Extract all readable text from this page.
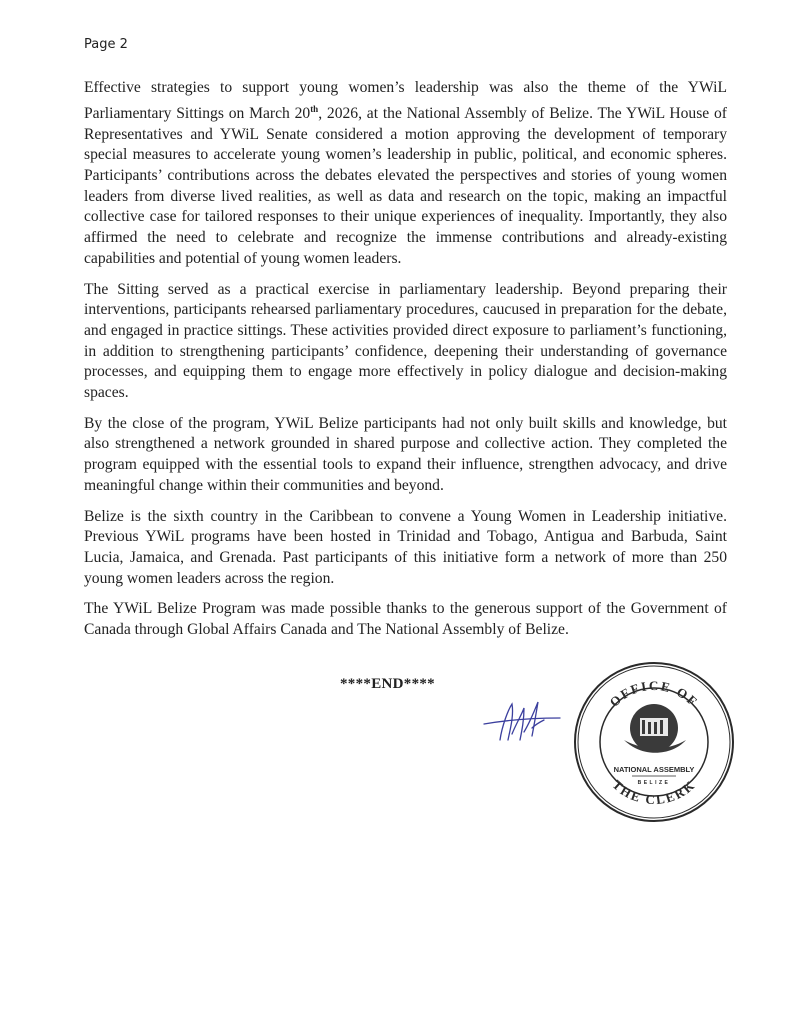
Page 2

Effective strategies to support young women’s leadership was also the theme of the YWiL Parliamentary Sittings on March 20th, 2026, at the National Assembly of Belize. The YWiL House of Representatives and YWiL Senate considered a motion approving the development of temporary special measures to accelerate young women’s leadership in public, political, and economic spheres. Participants’ contributions across the debates elevated the perspectives and stories of young women leaders from diverse lived realities, as well as data and research on the topic, making an impactful collective case for tailored responses to their unique experiences of inequality. Importantly, they also affirmed the need to celebrate and recognize the immense contributions and already-existing capabilities and potential of young women leaders.

The Sitting served as a practical exercise in parliamentary leadership. Beyond preparing their interventions, participants rehearsed parliamentary procedures, caucused in preparation for the debate, and engaged in practice sittings. These activities provided direct exposure to parliament’s functioning, in addition to strengthening participants’ confidence, deepening their understanding of governance processes, and equipping them to engage more effectively in policy dialogue and decision-making spaces.

By the close of the program, YWiL Belize participants had not only built skills and knowledge, but also strengthened a network grounded in shared purpose and collective action. They completed the program equipped with the essential tools to expand their influence, strengthen advocacy, and drive meaningful change within their communities and beyond.

Belize is the sixth country in the Caribbean to convene a Young Women in Leadership initiative. Previous YWiL programs have been hosted in Trinidad and Tobago, Antigua and Barbuda, Saint Lucia, Jamaica, and Grenada. Past participants of this initiative form a network of more than 250 young women leaders across the region.

The YWiL Belize Program was made possible thanks to the generous support of the Government of Canada through Global Affairs Canada and The National Assembly of Belize.

****END****
OFFICE OF
THE CLERK
NATIONAL ASSEMBLY
BELIZE
